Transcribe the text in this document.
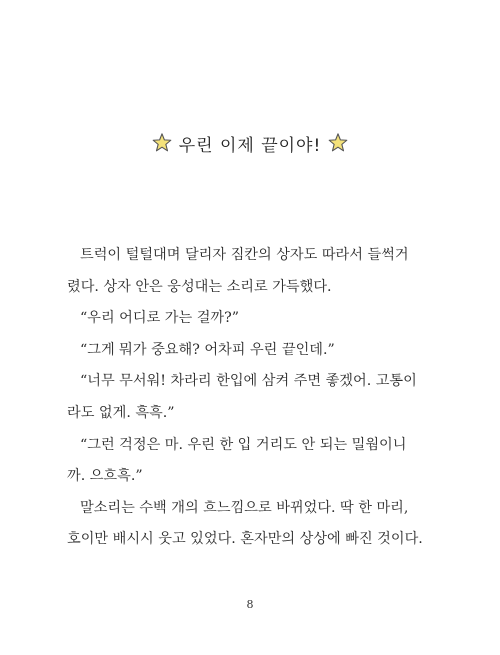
우린 이제 끝이야!
트럭이 털털대며 달리자 짐칸의 상자도 따라서 들썩거
렸다. 상자 안은 웅성대는 소리로 가득했다.
“우리 어디로 가는 걸까?”
“그게 뭐가 중요해? 어차피 우린 끝인데.”
“너무 무서워! 차라리 한입에 삼켜 주면 좋겠어. 고통이
라도 없게. 흑흑.”
“그런 걱정은 마. 우린 한 입 거리도 안 되는 밀웜이니
까. 으흐흑.”
말소리는 수백 개의 흐느낌으로 바뀌었다. 딱 한 마리,
호이만 배시시 웃고 있었다. 혼자만의 상상에 빠진 것이다.
8
